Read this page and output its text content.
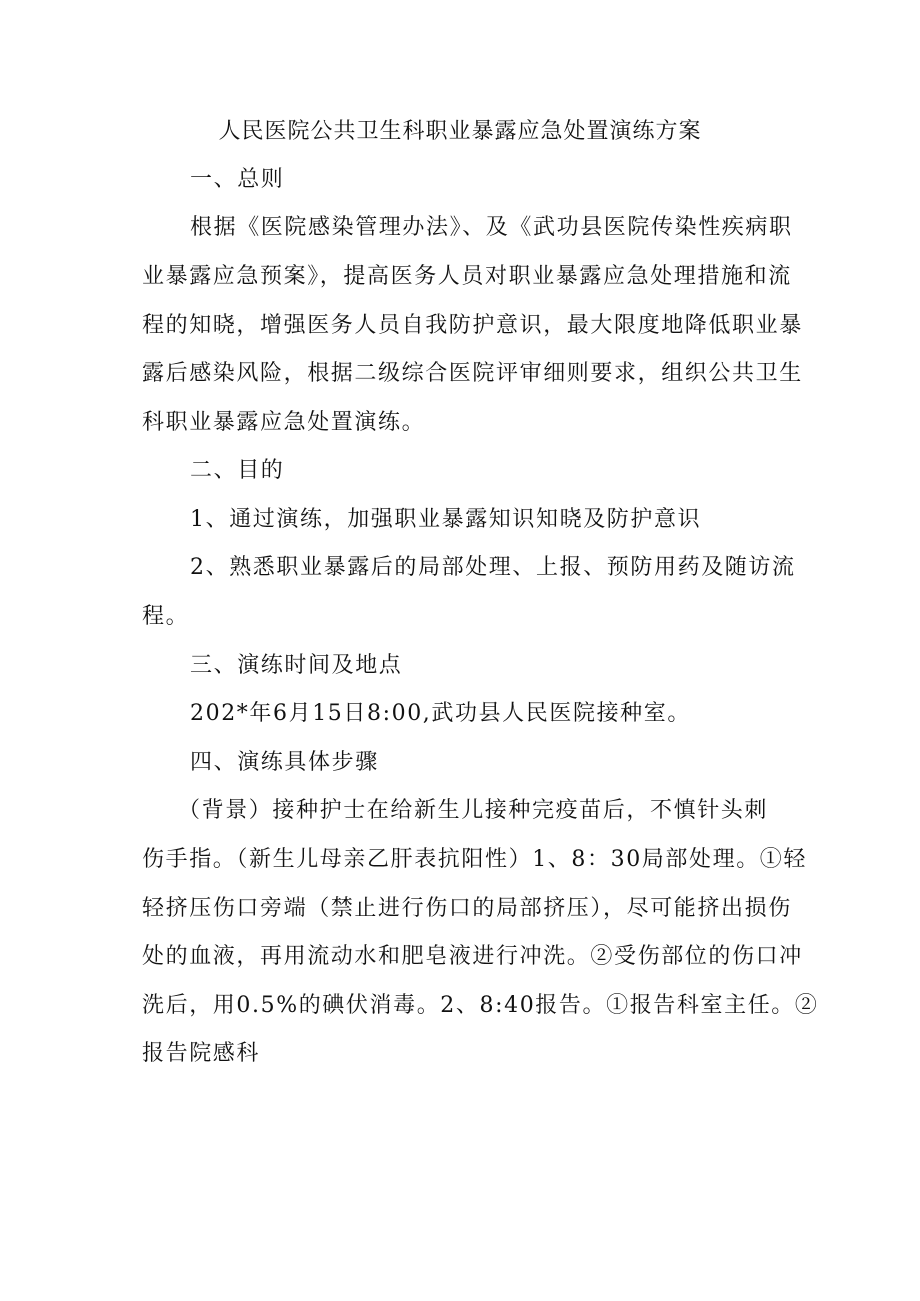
人民医院公共卫生科职业暴露应急处置演练方案
一、总则
根据《医院感染管理办法》、及《武功县医院传染性疾病职
业暴露应急预案》，提高医务人员对职业暴露应急处理措施和流
程的知晓，增强医务人员自我防护意识，最大限度地降低职业暴
露后感染风险，根据二级综合医院评审细则要求，组织公共卫生
科职业暴露应急处置演练。
二、目的
1、通过演练，加强职业暴露知识知晓及防护意识
2、熟悉职业暴露后的局部处理、上报、预防用药及随访流
程。
三、演练时间及地点
202*年6月15日8:00,武功县人民医院接种室。
四、演练具体步骤
（背景）接种护士在给新生儿接种完疫苗后，不慎针头刺
伤手指。（新生儿母亲乙肝表抗阳性）1、8：30局部处理。①轻
轻挤压伤口旁端（禁止进行伤口的局部挤压），尽可能挤出损伤
处的血液，再用流动水和肥皂液进行冲洗。②受伤部位的伤口冲
洗后，用0.5%的碘伏消毒。2、8:40报告。①报告科室主任。②
报告院感科
